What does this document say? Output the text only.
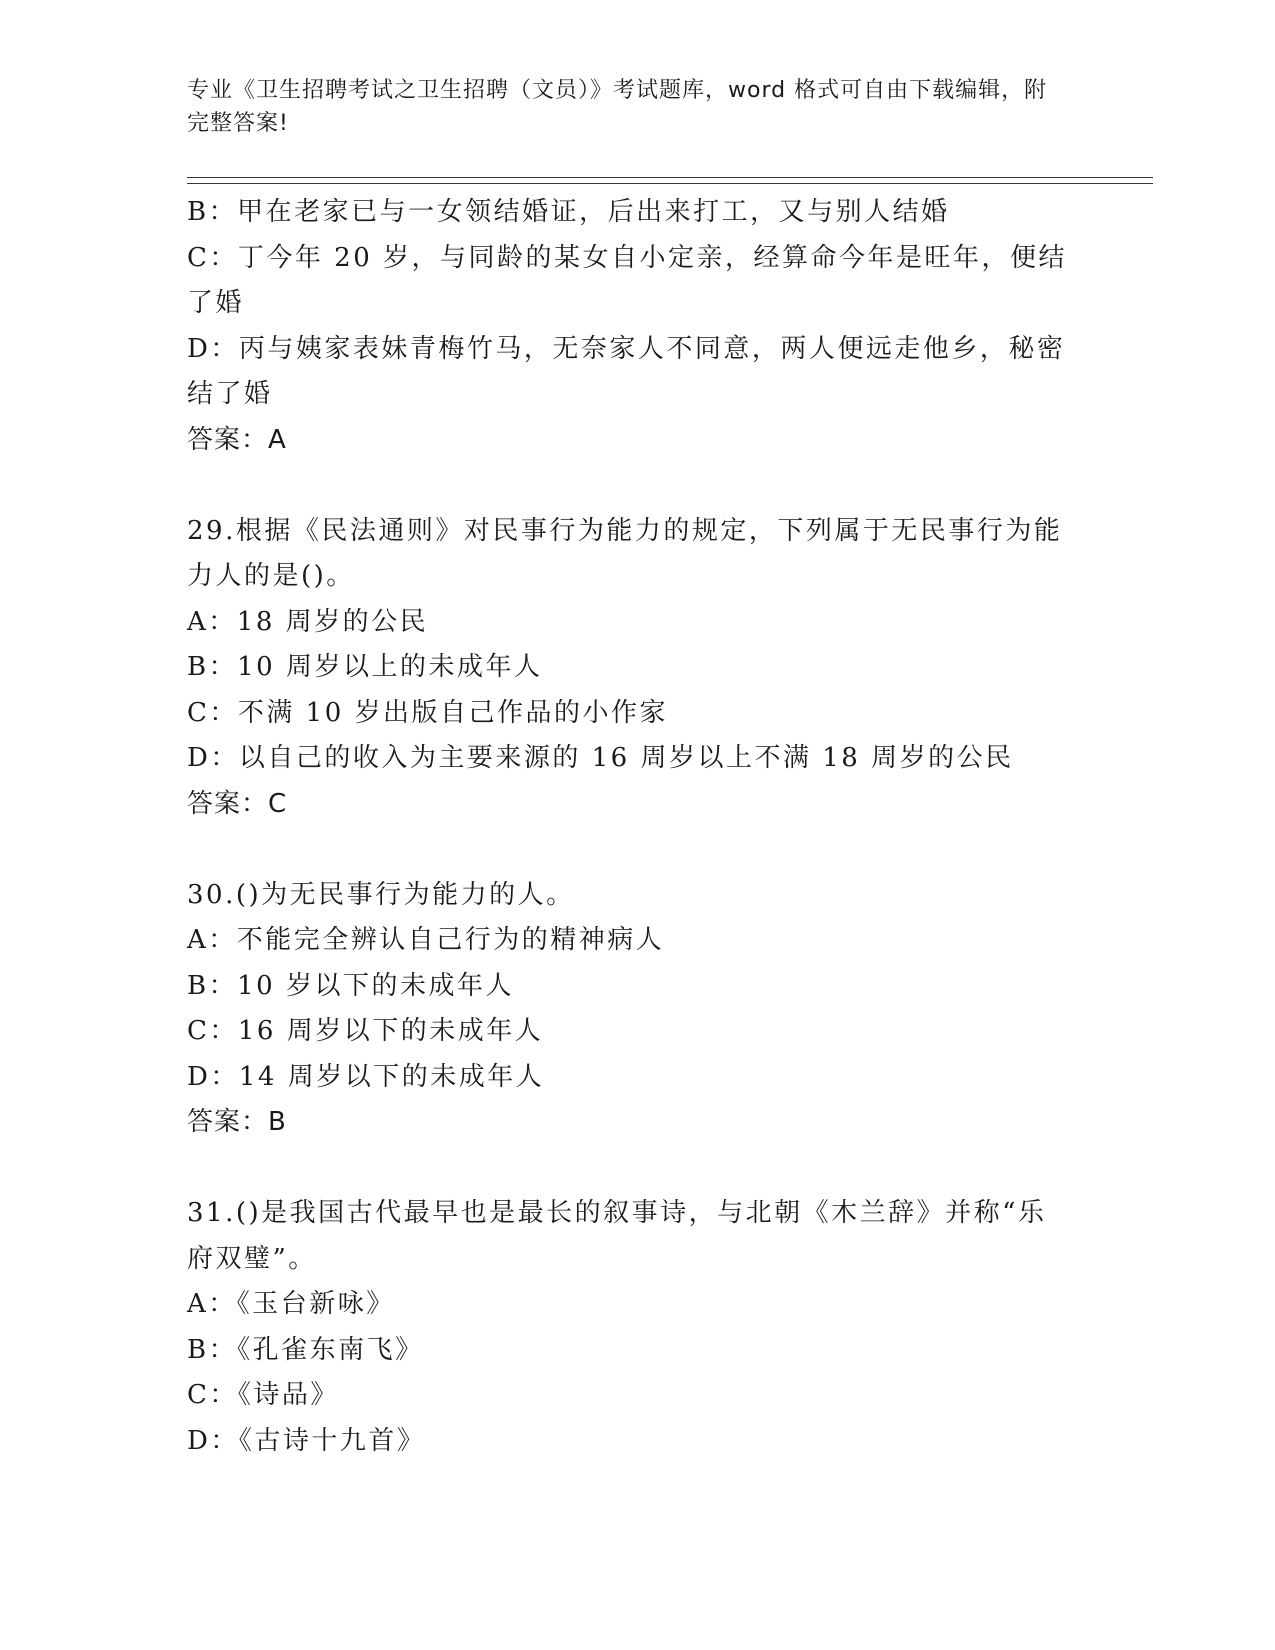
专业《卫生招聘考试之卫生招聘（文员）》考试题库，word 格式可自由下载编辑，附完整答案!

B：甲在老家已与一女领结婚证，后出来打工，又与别人结婚

C：丁今年 20 岁，与同龄的某女自小定亲，经算命今年是旺年，便结

了婚

D：丙与姨家表妹青梅竹马，无奈家人不同意，两人便远走他乡，秘密

结了婚

答案：A

29.根据《民法通则》对民事行为能力的规定，下列属于无民事行为能

力人的是()。

A：18 周岁的公民

B：10 周岁以上的未成年人

C：不满 10 岁出版自己作品的小作家

D：以自己的收入为主要来源的 16 周岁以上不满 18 周岁的公民

答案：C

30.()为无民事行为能力的人。

A：不能完全辨认自己行为的精神病人

B：10 岁以下的未成年人

C：16 周岁以下的未成年人

D：14 周岁以下的未成年人

答案：B

31.()是我国古代最早也是最长的叙事诗，与北朝《木兰辞》并称“乐

府双璧”。

A：《玉台新咏》

B：《孔雀东南飞》

C：《诗品》

D：《古诗十九首》
